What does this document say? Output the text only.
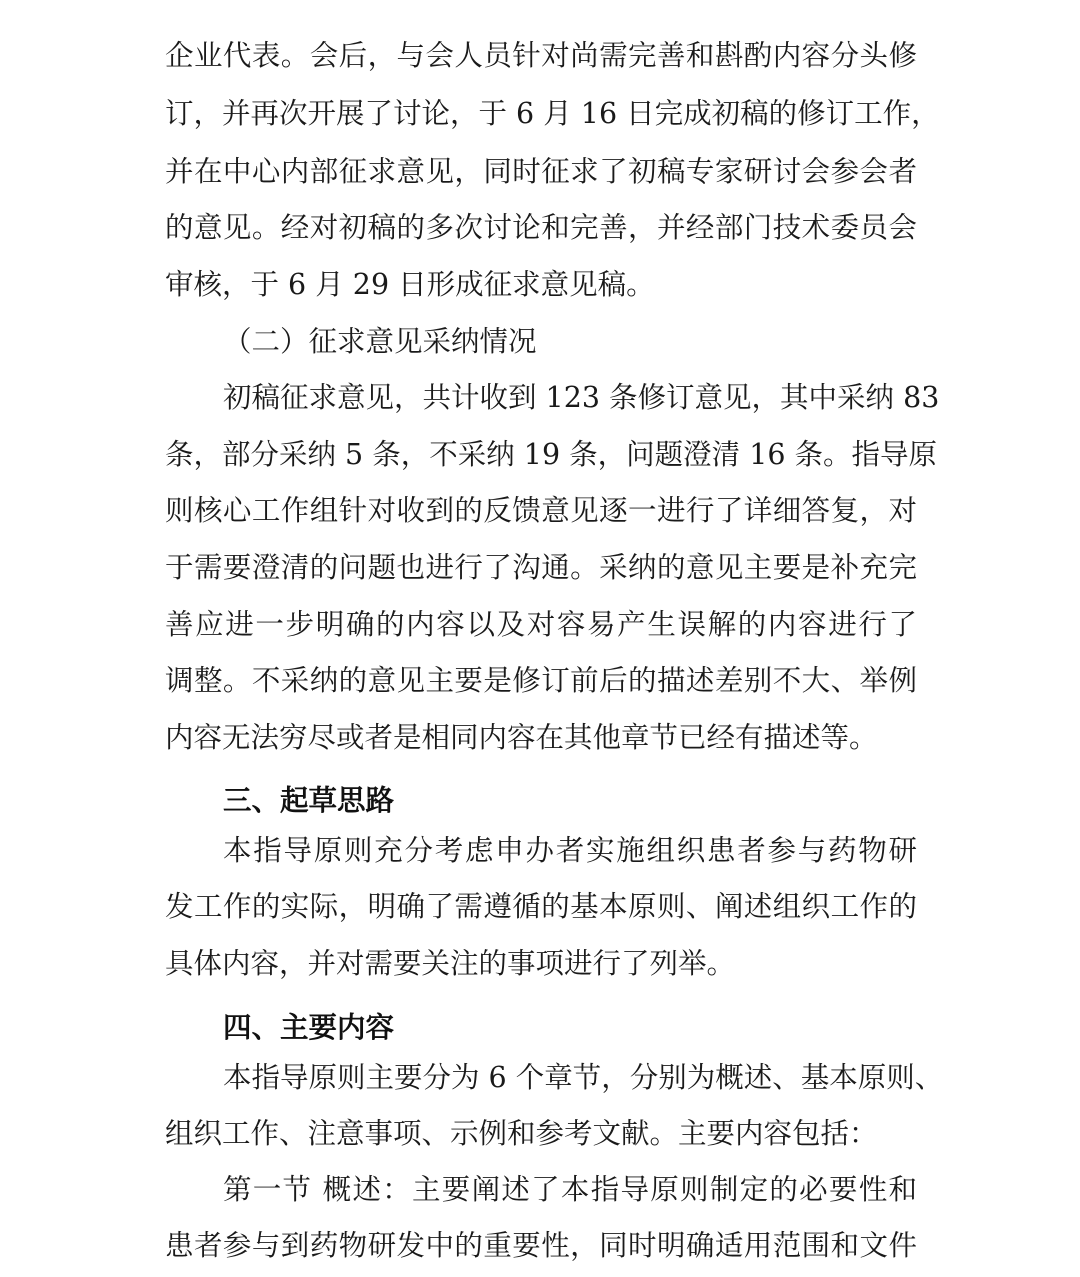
企业代表。会后，与会人员针对尚需完善和斟酌内容分头修
订，并再次开展了讨论，于 6 月 16 日完成初稿的修订工作，
并在中心内部征求意见，同时征求了初稿专家研讨会参会者
的意见。经对初稿的多次讨论和完善，并经部门技术委员会
审核，于 6 月 29 日形成征求意见稿。
（二）征求意见采纳情况
初稿征求意见，共计收到 123 条修订意见，其中采纳 83
条，部分采纳 5 条，不采纳 19 条，问题澄清 16 条。指导原
则核心工作组针对收到的反馈意见逐一进行了详细答复，对
于需要澄清的问题也进行了沟通。采纳的意见主要是补充完
善应进一步明确的内容以及对容易产生误解的内容进行了
调整。不采纳的意见主要是修订前后的描述差别不大、举例
内容无法穷尽或者是相同内容在其他章节已经有描述等。
三、起草思路
本指导原则充分考虑申办者实施组织患者参与药物研
发工作的实际，明确了需遵循的基本原则、阐述组织工作的
具体内容，并对需要关注的事项进行了列举。
四、主要内容
本指导原则主要分为 6 个章节，分别为概述、基本原则、
组织工作、注意事项、示例和参考文献。主要内容包括：
第一节 概述：主要阐述了本指导原则制定的必要性和
患者参与到药物研发中的重要性，同时明确适用范围和文件
